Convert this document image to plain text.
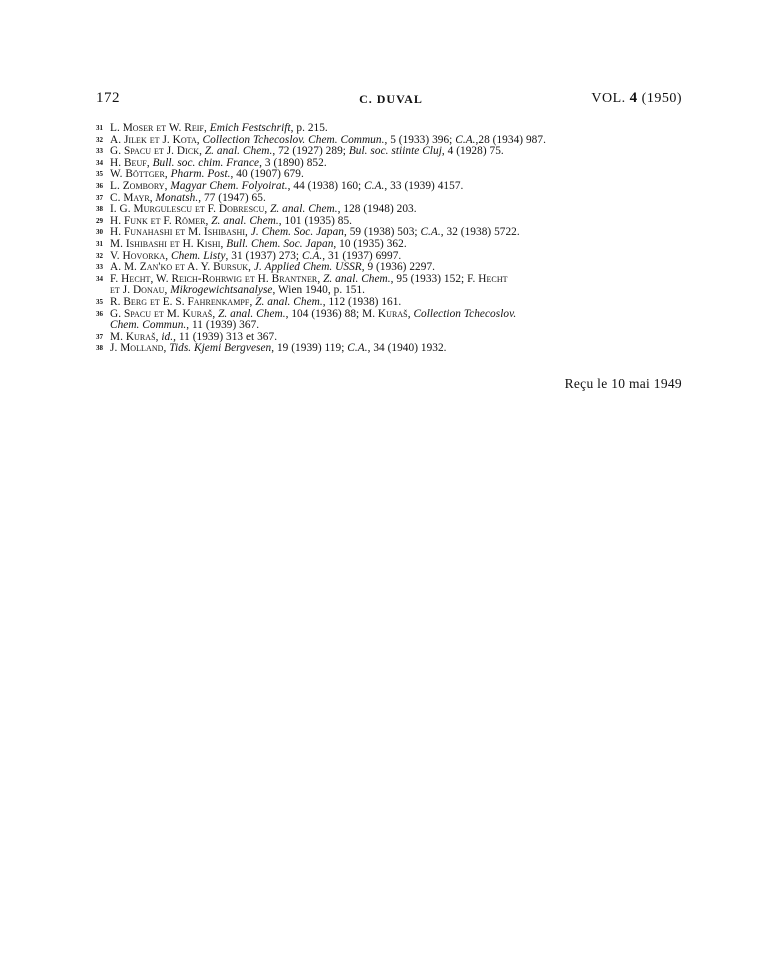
172	C. DUVAL	VOL. 4 (1950)
31 L. Moser et W. Reif, Emich Festschrift, p. 215.
32 A. Jilek et J. Kota, Collection Tchecoslov. Chem. Commun., 5 (1933) 396; C.A.,28 (1934) 987.
33 G. Spacu et J. Dick, Z. anal. Chem., 72 (1927) 289; Bul. soc. stiinte Cluj, 4 (1928) 75.
34 H. Beuf, Bull. soc. chim. France, 3 (1890) 852.
35 W. Böttger, Pharm. Post., 40 (1907) 679.
36 L. Zombory, Magyar Chem. Folyoirat., 44 (1938) 160; C.A., 33 (1939) 4157.
37 C. Mayr, Monatsh., 77 (1947) 65.
38 I. G. Murgulescu et F. Dobrescu, Z. anal. Chem., 128 (1948) 203.
29 H. Funk et F. Römer, Z. anal. Chem., 101 (1935) 85.
30 H. Funahashi et M. Ishibashi, J. Chem. Soc. Japan, 59 (1938) 503; C.A., 32 (1938) 5722.
31 M. Ishibashi et H. Kishi, Bull. Chem. Soc. Japan, 10 (1935) 362.
32 V. Hovorka, Chem. Listy, 31 (1937) 273; C.A., 31 (1937) 6997.
33 A. M. Zan'ko et A. Y. Bursuk, J. Applied Chem. USSR, 9 (1936) 2297.
34 F. Hecht, W. Reich-Rohrwig et H. Brantner, Z. anal. Chem., 95 (1933) 152; F. Hecht
et J. Donau, Mikrogewichtsanalyse, Wien 1940, p. 151.
35 R. Berg et E. S. Fahrenkampf, Z. anal. Chem., 112 (1938) 161.
36 G. Spacu et M. Kuraš, Z. anal. Chem., 104 (1936) 88; M. Kuraš, Collection Tchecoslov.
Chem. Commun., 11 (1939) 367.
37 M. Kuraš, id., 11 (1939) 313 et 367.
38 J. Molland, Tids. Kjemi Bergvesen, 19 (1939) 119; C.A., 34 (1940) 1932.
Reçu le 10 mai 1949
